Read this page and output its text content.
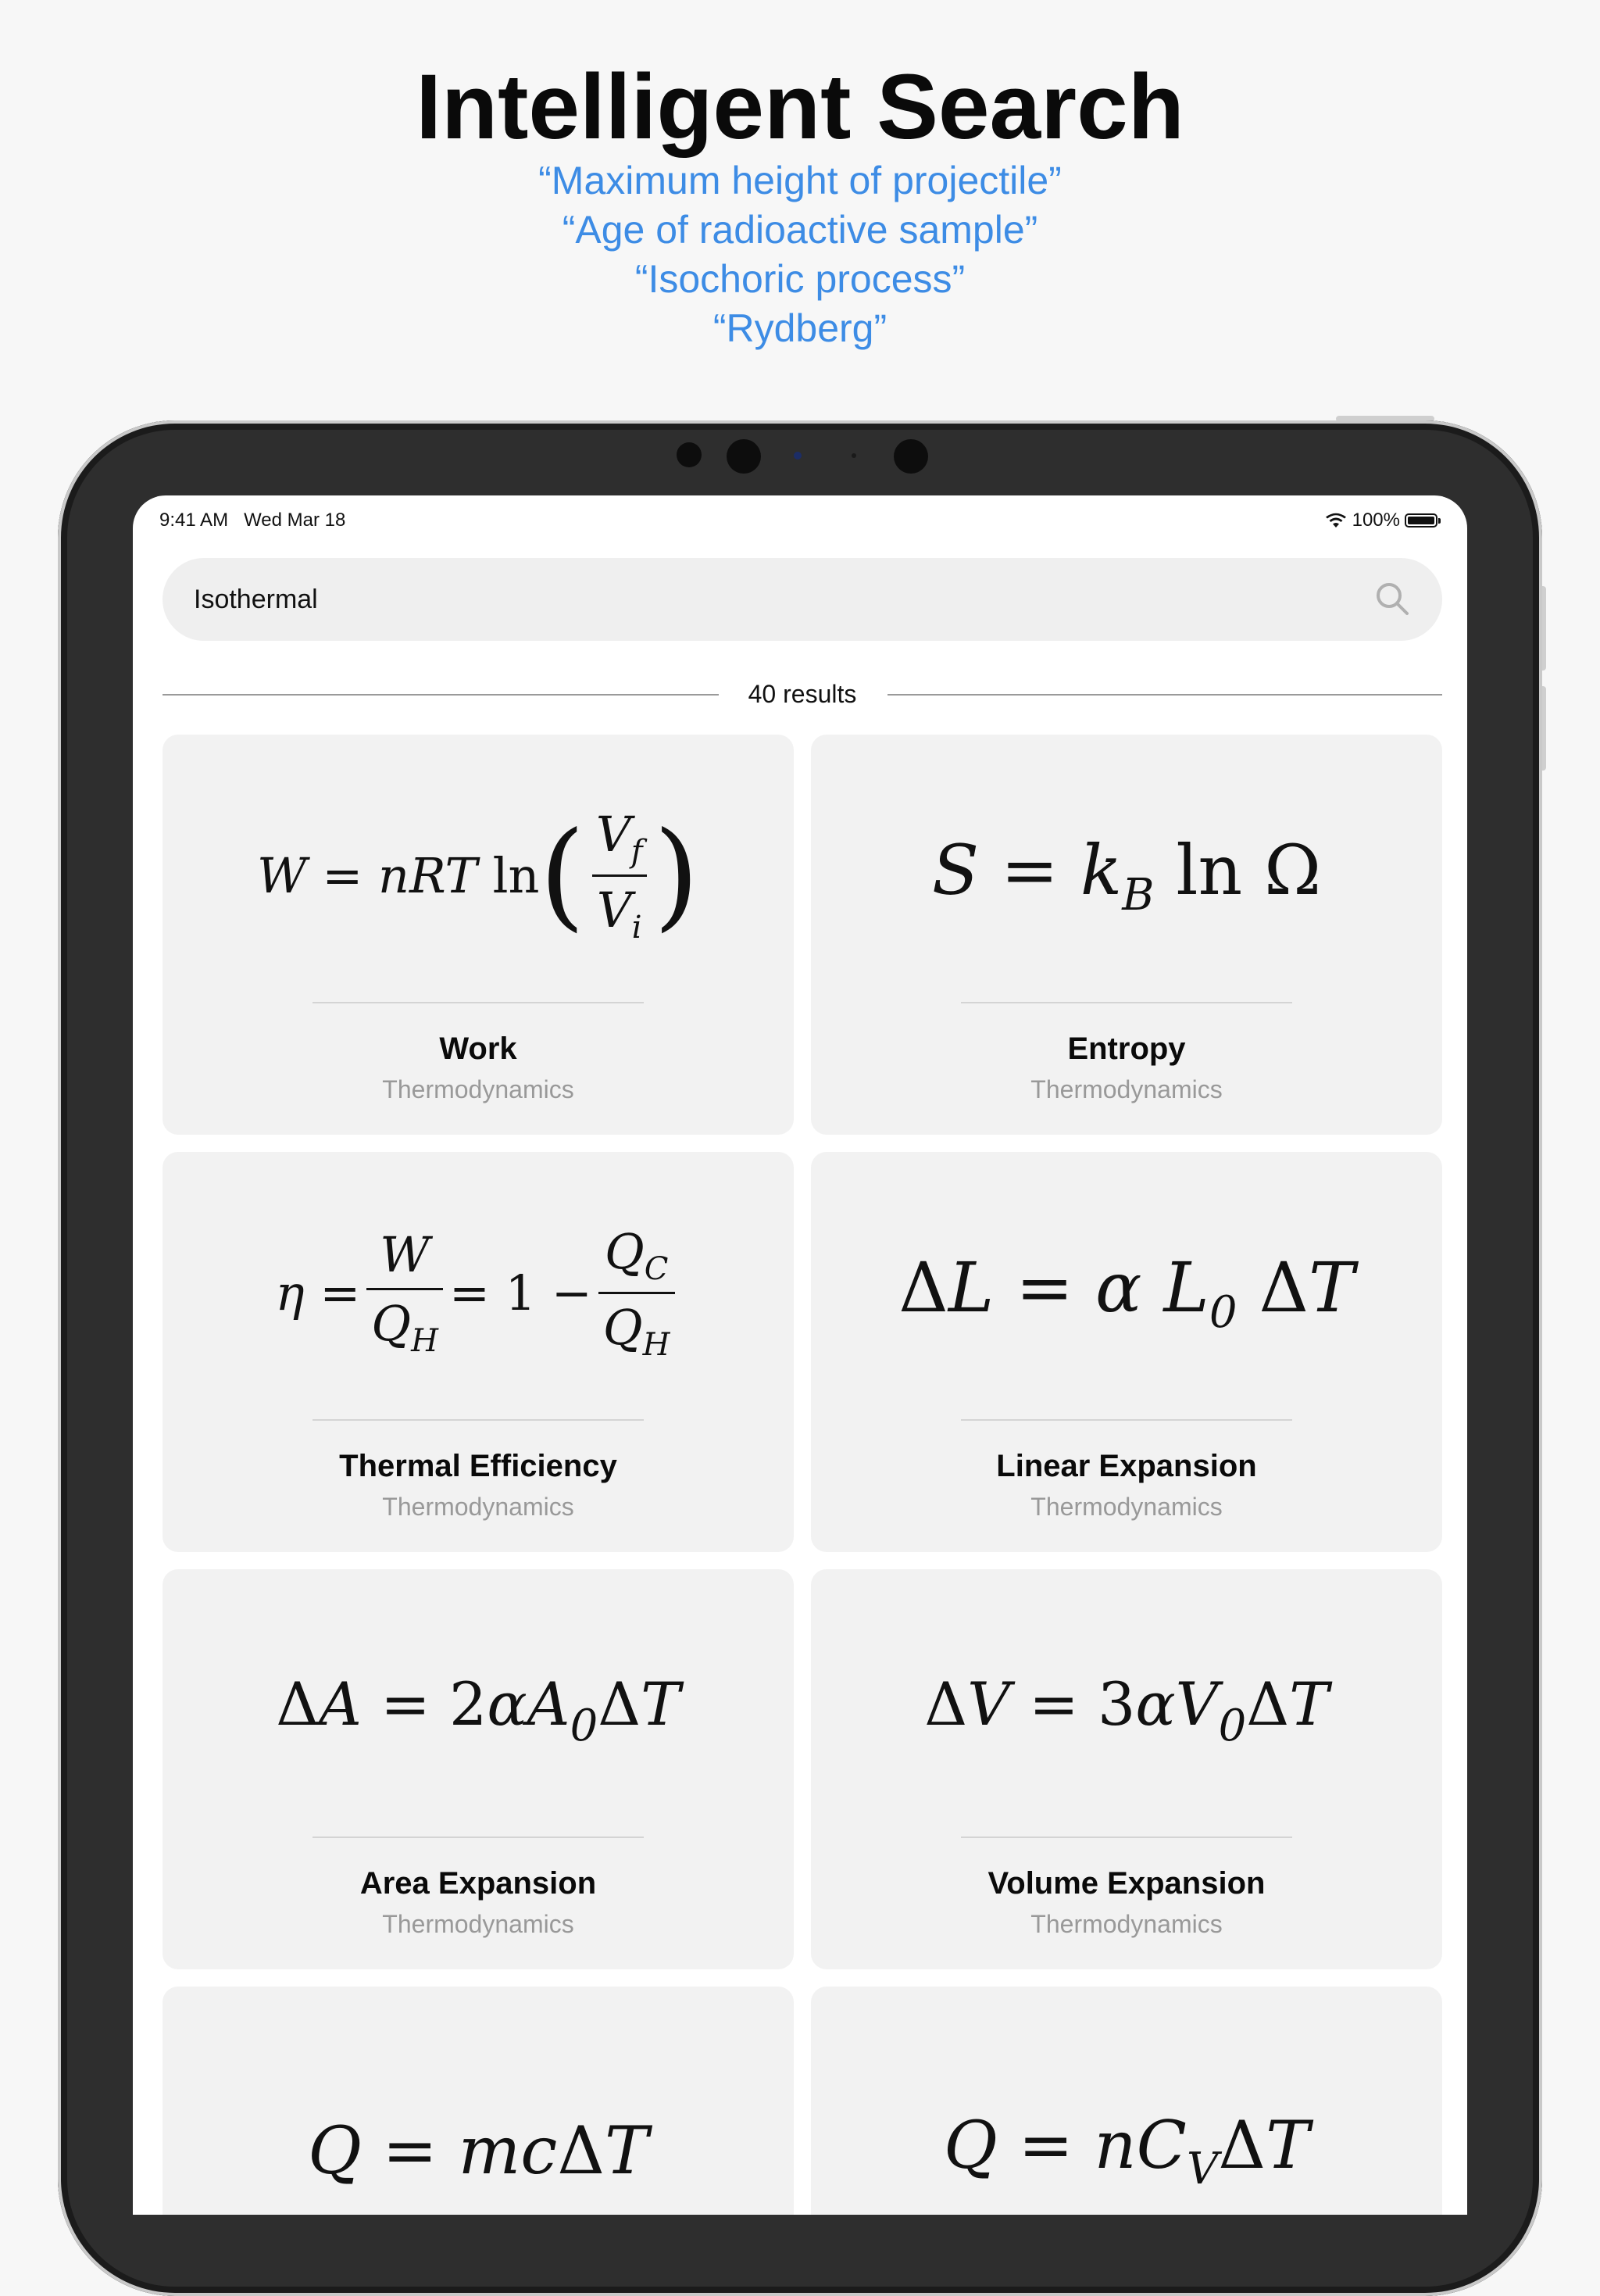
Intelligent Search
“Maximum height of projectile”
“Age of radioactive sample”
“Isochoric process”
“Rydberg”
9:41 AM Wed Mar 18	100%
Isothermal
40 results
W = nRT ln ( $\frac{V_f}{V_i}$ )
Work
Thermodynamics
$S = k_B$ ln Ω
Entropy
Thermodynamics
$\eta = \frac{W}{Q_H} = 1 - \frac{Q_C}{Q_H}$
Thermal Efficiency
Thermodynamics
ΔL = α $L_0$ ΔT
Linear Expansion
Thermodynamics
$\Delta A = 2\alpha A_0\Delta T$
Area Expansion
Thermodynamics
$\Delta V = 3\alpha V_0\Delta T$
Volume Expansion
Thermodynamics
Q = mcΔT	$Q = nC_V\Delta T$
